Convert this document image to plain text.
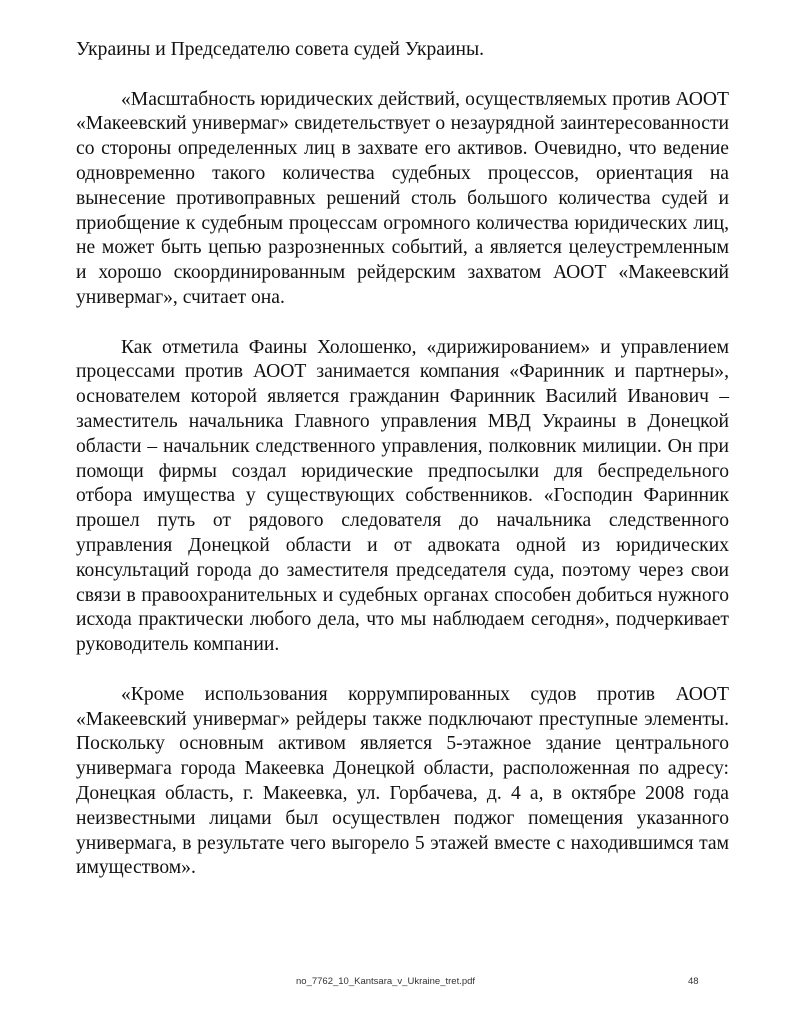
Украины и Председателю совета судей Украины.

«Масштабность юридических действий, осуществляемых против АООТ «Макеевский универмаг» свидетельствует о незаурядной заинтересованности со стороны определенных лиц в захвате его активов. Очевидно, что ведение одновременно такого количества судебных процессов, ориентация на вынесение противоправных решений столь большого количества судей и приобщение к судебным процессам огромного количества юридических лиц, не может быть цепью разрозненных событий, а является целеустремленным и хорошо скоординированным рейдерским захватом АООТ «Макеевский универмаг», считает она.

Как отметила Фаины Холошенко, «дирижированием» и управлением процессами против АООТ занимается компания «Фаринник и партнеры», основателем которой является гражданин Фаринник Василий Иванович – заместитель начальника Главного управления МВД Украины в Донецкой области – начальник следственного управления, полковник милиции. Он при помощи фирмы создал юридические предпосылки для беспредельного отбора имущества у существующих собственников. «Господин Фаринник прошел путь от рядового следователя до начальника следственного управления Донецкой области и от адвоката одной из юридических консультаций города до заместителя председателя суда, поэтому через свои связи в правоохранительных и судебных органах способен добиться нужного исхода практически любого дела, что мы наблюдаем сегодня», подчеркивает руководитель компании.

«Кроме использования коррумпированных судов против АООТ «Макеевский универмаг» рейдеры также подключают преступные элементы. Поскольку основным активом является 5-этажное здание центрального универмага города Макеевка Донецкой области, расположенная по адресу: Донецкая область, г. Макеевка, ул. Горбачева, д. 4 а, в октябре 2008 года неизвестными лицами был осуществлен поджог помещения указанного универмага, в результате чего выгорело 5 этажей вместе с находившимся там имуществом».

no_7762_10_Kantsara_v_Ukraine_tret.pdf	48
